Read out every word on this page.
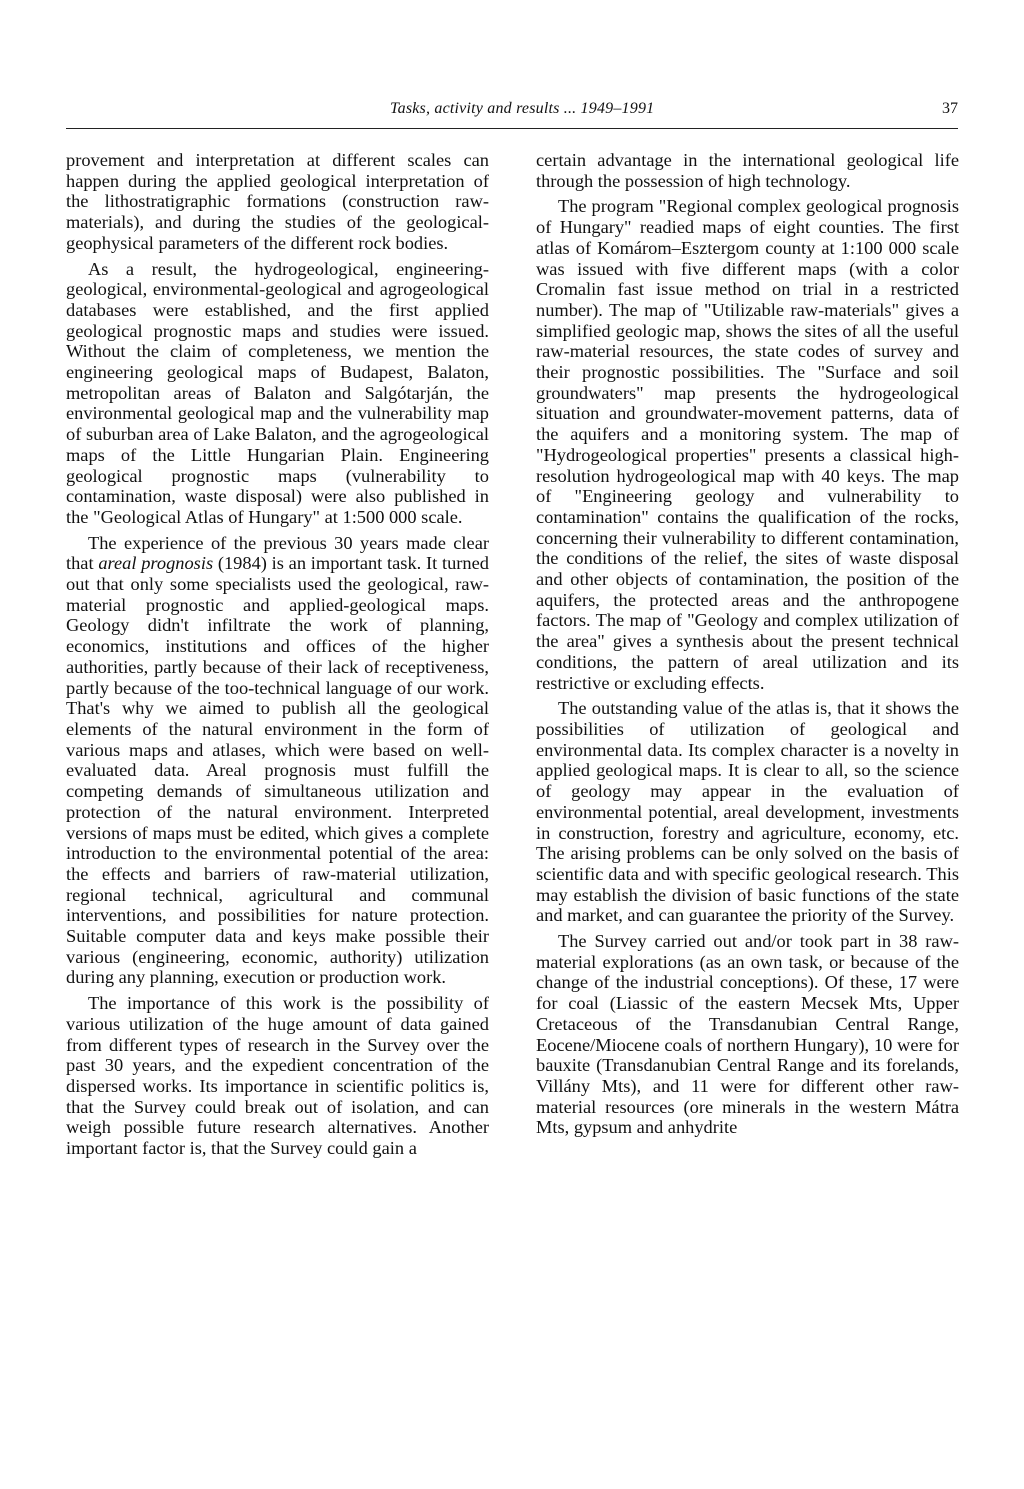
Tasks, activity and results ... 1949–1991	37

provement and interpretation at different scales can happen during the applied geological interpretation of the lithostratigraphic formations (construction raw-materials), and during the studies of the geological-geophysical parameters of the different rock bodies.

As a result, the hydrogeological, engineering-geological, environmental-geological and agrogeological databases were established, and the first applied geological prognostic maps and studies were issued. Without the claim of completeness, we mention the engineering geological maps of Budapest, Balaton, metropolitan areas of Balaton and Salgótarján, the environmental geological map and the vulnerability map of suburban area of Lake Balaton, and the agrogeological maps of the Little Hungarian Plain. Engineering geological prognostic maps (vulnerability to contamination, waste disposal) were also published in the "Geological Atlas of Hungary" at 1:500 000 scale.

The experience of the previous 30 years made clear that areal prognosis (1984) is an important task. It turned out that only some specialists used the geological, raw-material prognostic and applied-geological maps. Geology didn't infiltrate the work of planning, economics, institutions and offices of the higher authorities, partly because of their lack of receptiveness, partly because of the too-technical language of our work. That's why we aimed to publish all the geological elements of the natural environment in the form of various maps and atlases, which were based on well-evaluated data. Areal prognosis must fulfill the competing demands of simultaneous utilization and protection of the natural environment. Interpreted versions of maps must be edited, which gives a complete introduction to the environmental potential of the area: the effects and barriers of raw-material utilization, regional technical, agricultural and communal interventions, and possibilities for nature protection. Suitable computer data and keys make possible their various (engineering, economic, authority) utilization during any planning, execution or production work.

The importance of this work is the possibility of various utilization of the huge amount of data gained from different types of research in the Survey over the past 30 years, and the expedient concentration of the dispersed works. Its importance in scientific politics is, that the Survey could break out of isolation, and can weigh possible future research alternatives. Another important factor is, that the Survey could gain a

certain advantage in the international geological life through the possession of high technology.

The program "Regional complex geological prognosis of Hungary" readied maps of eight counties. The first atlas of Komárom–Esztergom county at 1:100 000 scale was issued with five different maps (with a color Cromalin fast issue method on trial in a restricted number). The map of "Utilizable raw-materials" gives a simplified geologic map, shows the sites of all the useful raw-material resources, the state codes of survey and their prognostic possibilities. The "Surface and soil groundwaters" map presents the hydrogeological situation and groundwater-movement patterns, data of the aquifers and a monitoring system. The map of "Hydrogeological properties" presents a classical high-resolution hydrogeological map with 40 keys. The map of "Engineering geology and vulnerability to contamination" contains the qualification of the rocks, concerning their vulnerability to different contamination, the conditions of the relief, the sites of waste disposal and other objects of contamination, the position of the aquifers, the protected areas and the anthropogene factors. The map of "Geology and complex utilization of the area" gives a synthesis about the present technical conditions, the pattern of areal utilization and its restrictive or excluding effects.

The outstanding value of the atlas is, that it shows the possibilities of utilization of geological and environmental data. Its complex character is a novelty in applied geological maps. It is clear to all, so the science of geology may appear in the evaluation of environmental potential, areal development, investments in construction, forestry and agriculture, economy, etc. The arising problems can be only solved on the basis of scientific data and with specific geological research. This may establish the division of basic functions of the state and market, and can guarantee the priority of the Survey.

The Survey carried out and/or took part in 38 raw-material explorations (as an own task, or because of the change of the industrial conceptions). Of these, 17 were for coal (Liassic of the eastern Mecsek Mts, Upper Cretaceous of the Transdanubian Central Range, Eocene/Miocene coals of northern Hungary), 10 were for bauxite (Transdanubian Central Range and its forelands, Villány Mts), and 11 were for different other raw-material resources (ore minerals in the western Mátra Mts, gypsum and anhydrite
